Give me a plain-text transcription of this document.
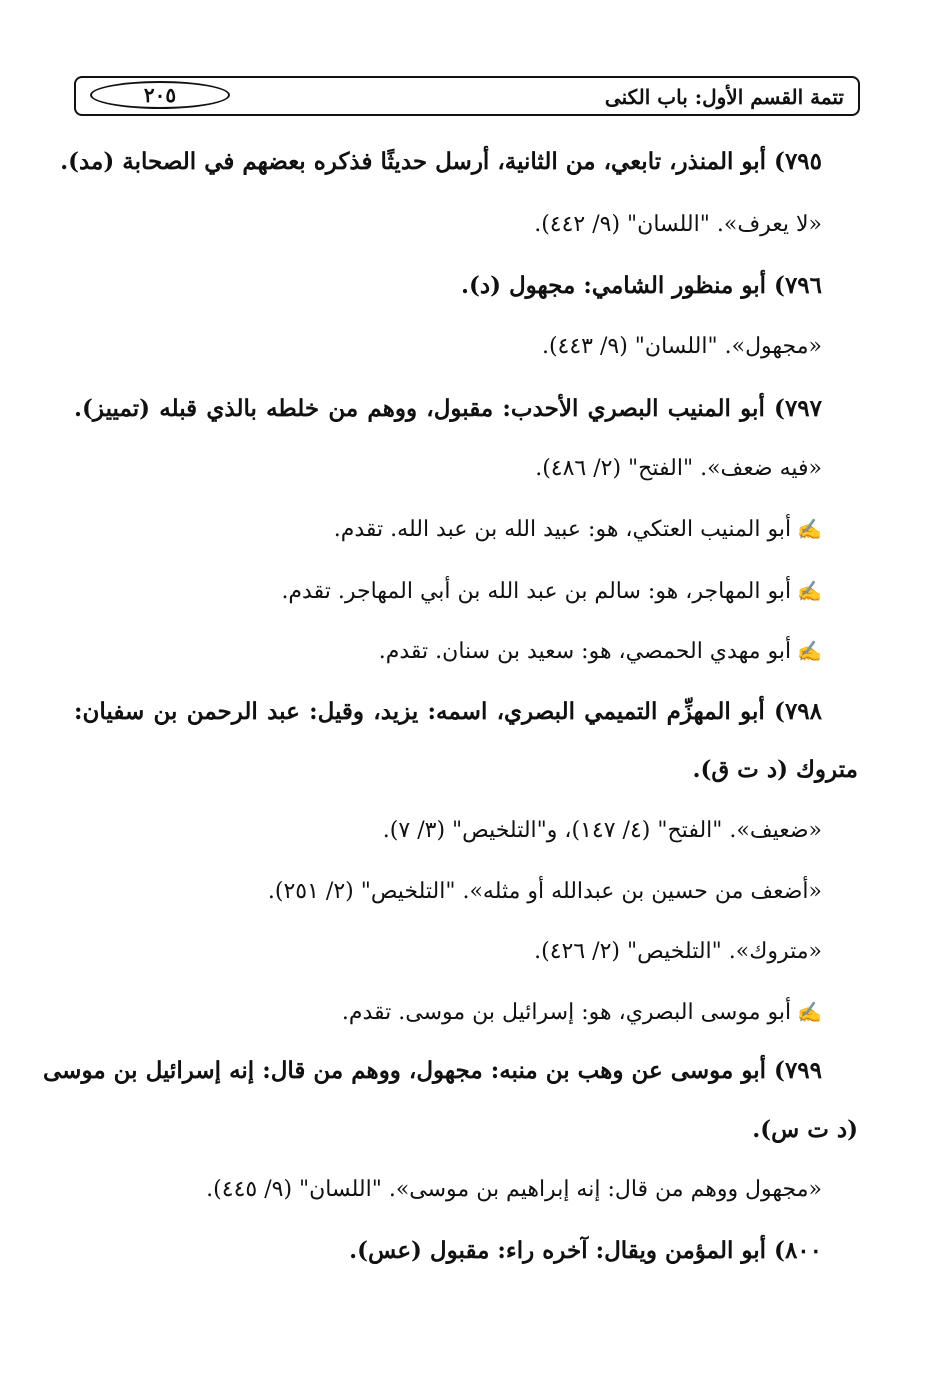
تتمة القسم الأول: باب الكنى
٢٠٥
٧٩٥) أبو المنذر، تابعي، من الثانية، أرسل حديثًا فذكره بعضهم في الصحابة (مد).
«لا يعرف». "اللسان" (٩/ ٤٤٢).
٧٩٦) أبو منظور الشامي: مجهول (د).
«مجهول». "اللسان" (٩/ ٤٤٣).
٧٩٧) أبو المنيب البصري الأحدب: مقبول، ووهم من خلطه بالذي قبله (تمييز).
«فيه ضعف». "الفتح" (٢/ ٤٨٦).
✍أبو المنيب العتكي، هو: عبيد الله بن عبد الله. تقدم.
✍أبو المهاجر، هو: سالم بن عبد الله بن أبي المهاجر. تقدم.
✍أبو مهدي الحمصي، هو: سعيد بن سنان. تقدم.
٧٩٨) أبو المهزِّم التميمي البصري، اسمه: يزيد، وقيل: عبد الرحمن بن سفيان:
متروك (د ت ق).
«ضعيف». "الفتح" (٤/ ١٤٧)، و"التلخيص" (٣/ ٧).
«أضعف من حسين بن عبدالله أو مثله». "التلخيص" (٢/ ٢٥١).
«متروك». "التلخيص" (٢/ ٤٢٦).
✍أبو موسى البصري، هو: إسرائيل بن موسى. تقدم.
٧٩٩) أبو موسى عن وهب بن منبه: مجهول، ووهم من قال: إنه إسرائيل بن موسى
(د ت س).
«مجهول ووهم من قال: إنه إبراهيم بن موسى». "اللسان" (٩/ ٤٤٥).
٨٠٠) أبو المؤمن ويقال: آخره راء: مقبول (عس).
